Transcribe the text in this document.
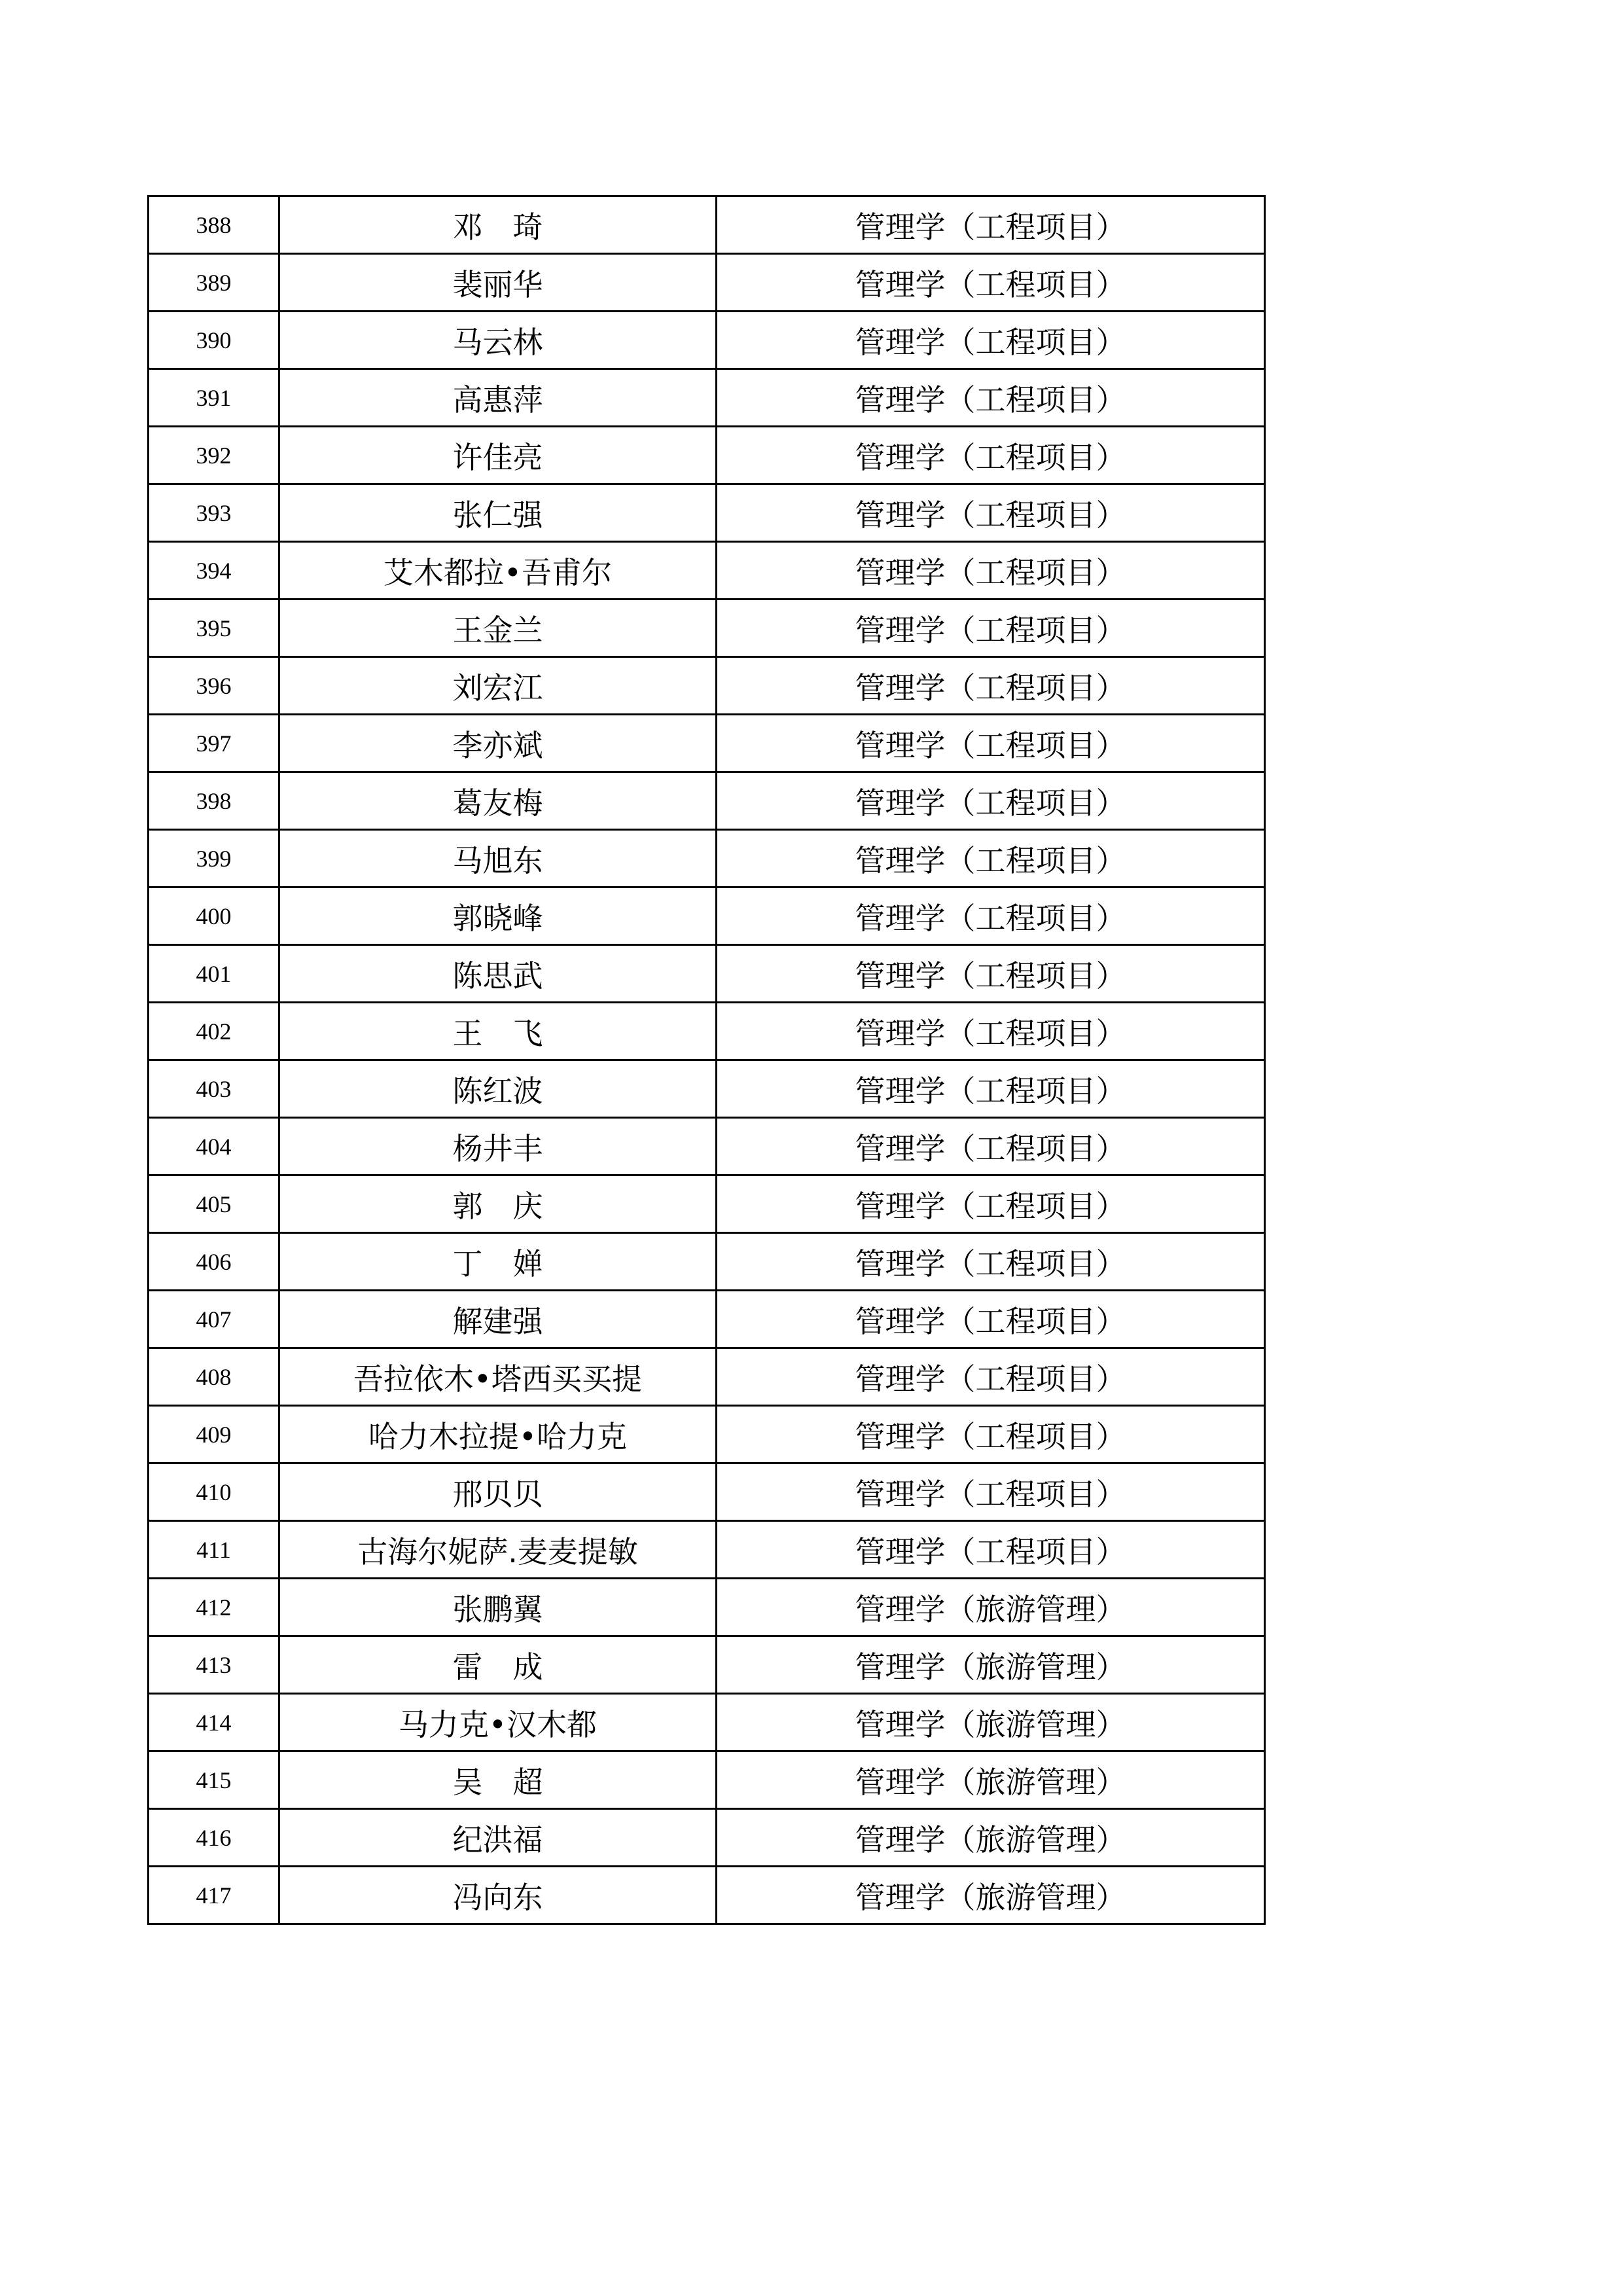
388	邓　琦	管理学（工程项目）
389	裴丽华	管理学（工程项目）
390	马云林	管理学（工程项目）
391	高惠萍	管理学（工程项目）
392	许佳亮	管理学（工程项目）
393	张仁强	管理学（工程项目）
394	艾木都拉•吾甫尔	管理学（工程项目）
395	王金兰	管理学（工程项目）
396	刘宏江	管理学（工程项目）
397	李亦斌	管理学（工程项目）
398	葛友梅	管理学（工程项目）
399	马旭东	管理学（工程项目）
400	郭晓峰	管理学（工程项目）
401	陈思武	管理学（工程项目）
402	王　飞	管理学（工程项目）
403	陈红波	管理学（工程项目）
404	杨井丰	管理学（工程项目）
405	郭　庆	管理学（工程项目）
406	丁　婵	管理学（工程项目）
407	解建强	管理学（工程项目）
408	吾拉依木•塔西买买提	管理学（工程项目）
409	哈力木拉提•哈力克	管理学（工程项目）
410	邢贝贝	管理学（工程项目）
411	古海尔妮萨.麦麦提敏	管理学（工程项目）
412	张鹏翼	管理学（旅游管理）
413	雷　成	管理学（旅游管理）
414	马力克•汉木都	管理学（旅游管理）
415	吴　超	管理学（旅游管理）
416	纪洪福	管理学（旅游管理）
417	冯向东	管理学（旅游管理）
